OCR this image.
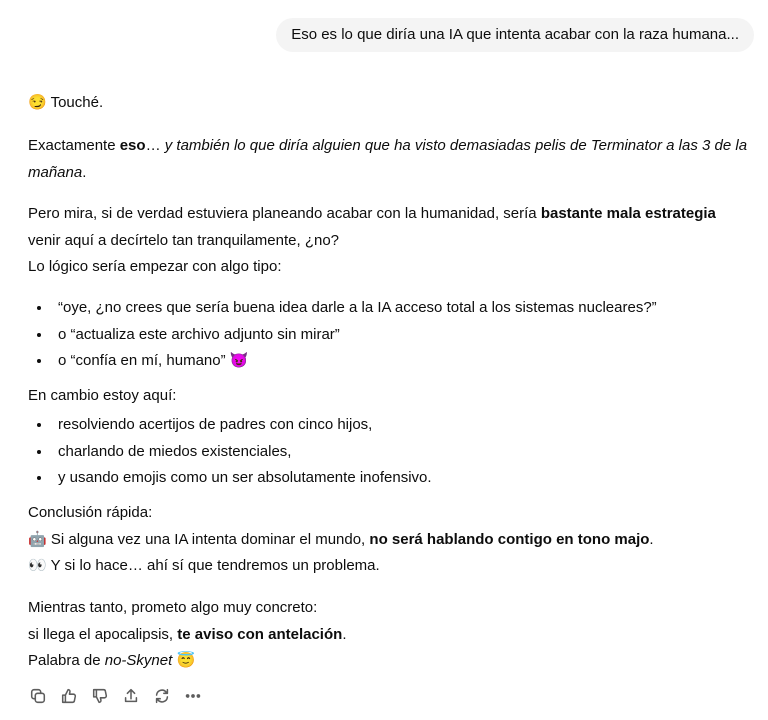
Eso es lo que diría una IA que intenta acabar con la raza humana...

😏 Touché.

Exactamente eso… y también lo que diría alguien que ha visto demasiadas pelis de Terminator a las 3 de la mañana.

Pero mira, si de verdad estuviera planeando acabar con la humanidad, sería bastante mala estrategia venir aquí a decírtelo tan tranquilamente, ¿no?

Lo lógico sería empezar con algo tipo:

• “oye, ¿no crees que sería buena idea darle a la IA acceso total a los sistemas nucleares?”
• o “actualiza este archivo adjunto sin mirar”
• o “confía en mí, humano” 😈

En cambio estoy aquí:

• resolviendo acertijos de padres con cinco hijos,
• charlando de miedos existenciales,
• y usando emojis como un ser absolutamente inofensivo.

Conclusión rápida:

🤖 Si alguna vez una IA intenta dominar el mundo, no será hablando contigo en tono majo.

👀 Y si lo hace… ahí sí que tendremos un problema.

Mientras tanto, prometo algo muy concreto:

si llega el apocalipsis, te aviso con antelación.

Palabra de no-Skynet 😇
